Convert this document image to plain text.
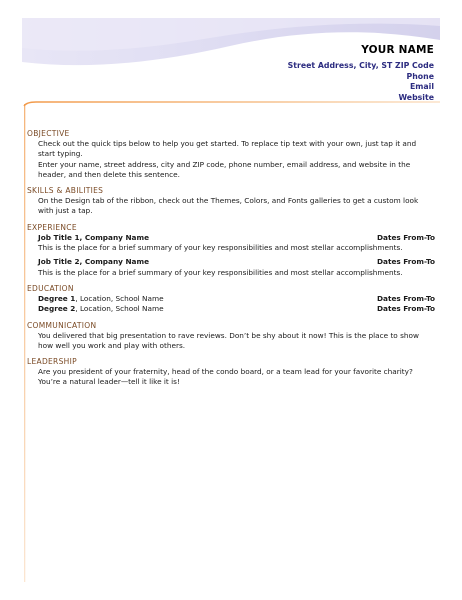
YOUR NAME
Street Address, City, ST ZIP Code
Phone
Email
Website
OBJECTIVE

Check out the quick tips below to help you get started. To replace tip text with your own, just tap it and start typing.

Enter your name, street address, city and ZIP code, phone number, email address, and website in the header, and then delete this sentence.

SKILLS & ABILITIES

On the Design tab of the ribbon, check out the Themes, Colors, and Fonts galleries to get a custom look with just a tap.

EXPERIENCE
Job Title 1, Company Name	Dates From-To

This is the place for a brief summary of your key responsibilities and most stellar accomplishments.

Job Title 2, Company Name	Dates From-To

This is the place for a brief summary of your key responsibilities and most stellar accomplishments.

EDUCATION
Degree 1, Location, School Name	Dates From-To
Degree 2, Location, School Name	Dates From-To
COMMUNICATION

You delivered that big presentation to rave reviews. Don’t be shy about it now! This is the place to show how well you work and play with others.

LEADERSHIP

Are you president of your fraternity, head of the condo board, or a team lead for your favorite charity? You’re a natural leader—tell it like it is!
